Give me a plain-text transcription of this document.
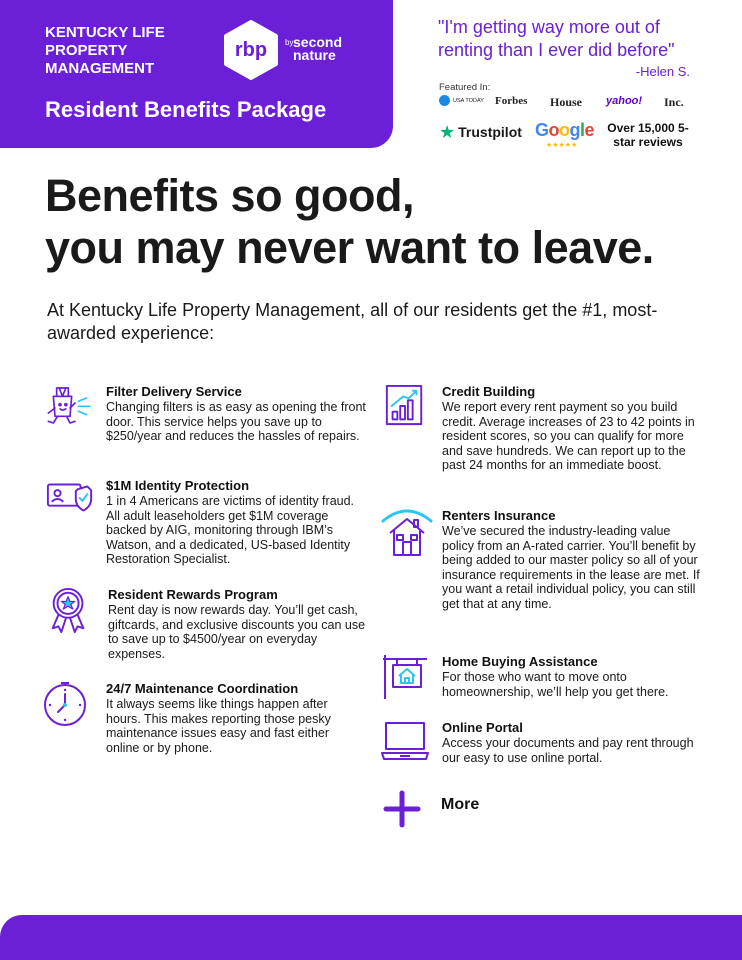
KENTUCKY LIFE PROPERTY MANAGEMENT
rbp	by second nature
Resident Benefits Package
"I'm getting way more out of renting than I ever did before"
-Helen S.
Featured In:
USA TODAY Forbes House yahoo! Inc.
★ Trustpilot Google
★★★★★
Over 15,000 5-star reviews
Benefits so good,
you may never want to leave.
At Kentucky Life Property Management, all of our residents get the #1, most-awarded experience:
Filter Delivery Service
Changing filters is as easy as opening the front door. This service helps you save up to $250/year and reduces the hassles of repairs.
$1M Identity Protection
1 in 4 Americans are victims of identity fraud. All adult leaseholders get $1M coverage backed by AIG, monitoring through IBM’s Watson, and a dedicated, US-based Identity Restoration Specialist.
Resident Rewards Program
Rent day is now rewards day. You’ll get cash, giftcards, and exclusive discounts you can use to save up to $4500/year on everyday expenses.
24/7 Maintenance Coordination
It always seems like things happen after hours. This makes reporting those pesky maintenance issues easy and fast either online or by phone.
Credit Building
We report every rent payment so you build credit. Average increases of 23 to 42 points in resident scores, so you can qualify for more and save hundreds. We can report up to the past 24 months for an immediate boost.
Renters Insurance
We’ve secured the industry-leading value policy from an A-rated carrier. You’ll benefit by being added to our master policy so all of your insurance requirements in the lease are met. If you want a retail individual policy, you can still get that at any time.
Home Buying Assistance
For those who want to move onto homeownership, we’ll help you get there.
Online Portal
Access your documents and pay rent through our easy to use online portal.
More
